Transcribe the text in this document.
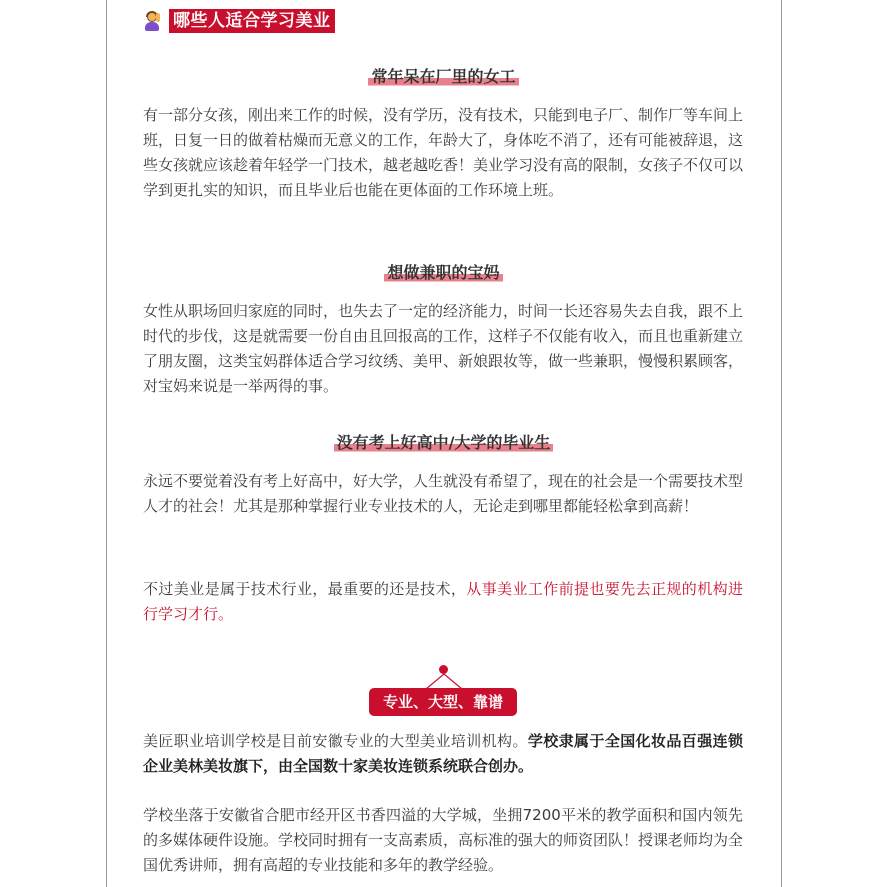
哪些人适合学习美业
常年呆在厂里的女工

有一部分女孩，刚出来工作的时候，没有学历，没有技术，只能到电子厂、制作厂等车间上班，日复一日的做着枯燥而无意义的工作，年龄大了，身体吃不消了，还有可能被辞退，这些女孩就应该趁着年轻学一门技术，越老越吃香！美业学习没有高的限制，女孩子不仅可以学到更扎实的知识，而且毕业后也能在更体面的工作环境上班。

想做兼职的宝妈

女性从职场回归家庭的同时，也失去了一定的经济能力，时间一长还容易失去自我，跟不上时代的步伐，这是就需要一份自由且回报高的工作，这样子不仅能有收入，而且也重新建立了朋友圈，这类宝妈群体适合学习纹绣、美甲、新娘跟妆等，做一些兼职，慢慢积累顾客，对宝妈来说是一举两得的事。

没有考上好高中/大学的毕业生

永远不要觉着没有考上好高中，好大学，人生就没有希望了，现在的社会是一个需要技术型人才的社会！尤其是那种掌握行业专业技术的人，无论走到哪里都能轻松拿到高薪！

不过美业是属于技术行业，最重要的还是技术，从事美业工作前提也要先去正规的机构进行学习才行。

专业、大型、靠谱

美匠职业培训学校是目前安徽专业的大型美业培训机构。学校隶属于全国化妆品百强连锁企业美林美妆旗下，由全国数十家美妆连锁系统联合创办。

学校坐落于安徽省合肥市经开区书香四溢的大学城，坐拥7200平米的教学面积和国内领先的多媒体硬件设施。学校同时拥有一支高素质，高标准的强大的师资团队！授课老师均为全国优秀讲师，拥有高超的专业技能和多年的教学经验。
